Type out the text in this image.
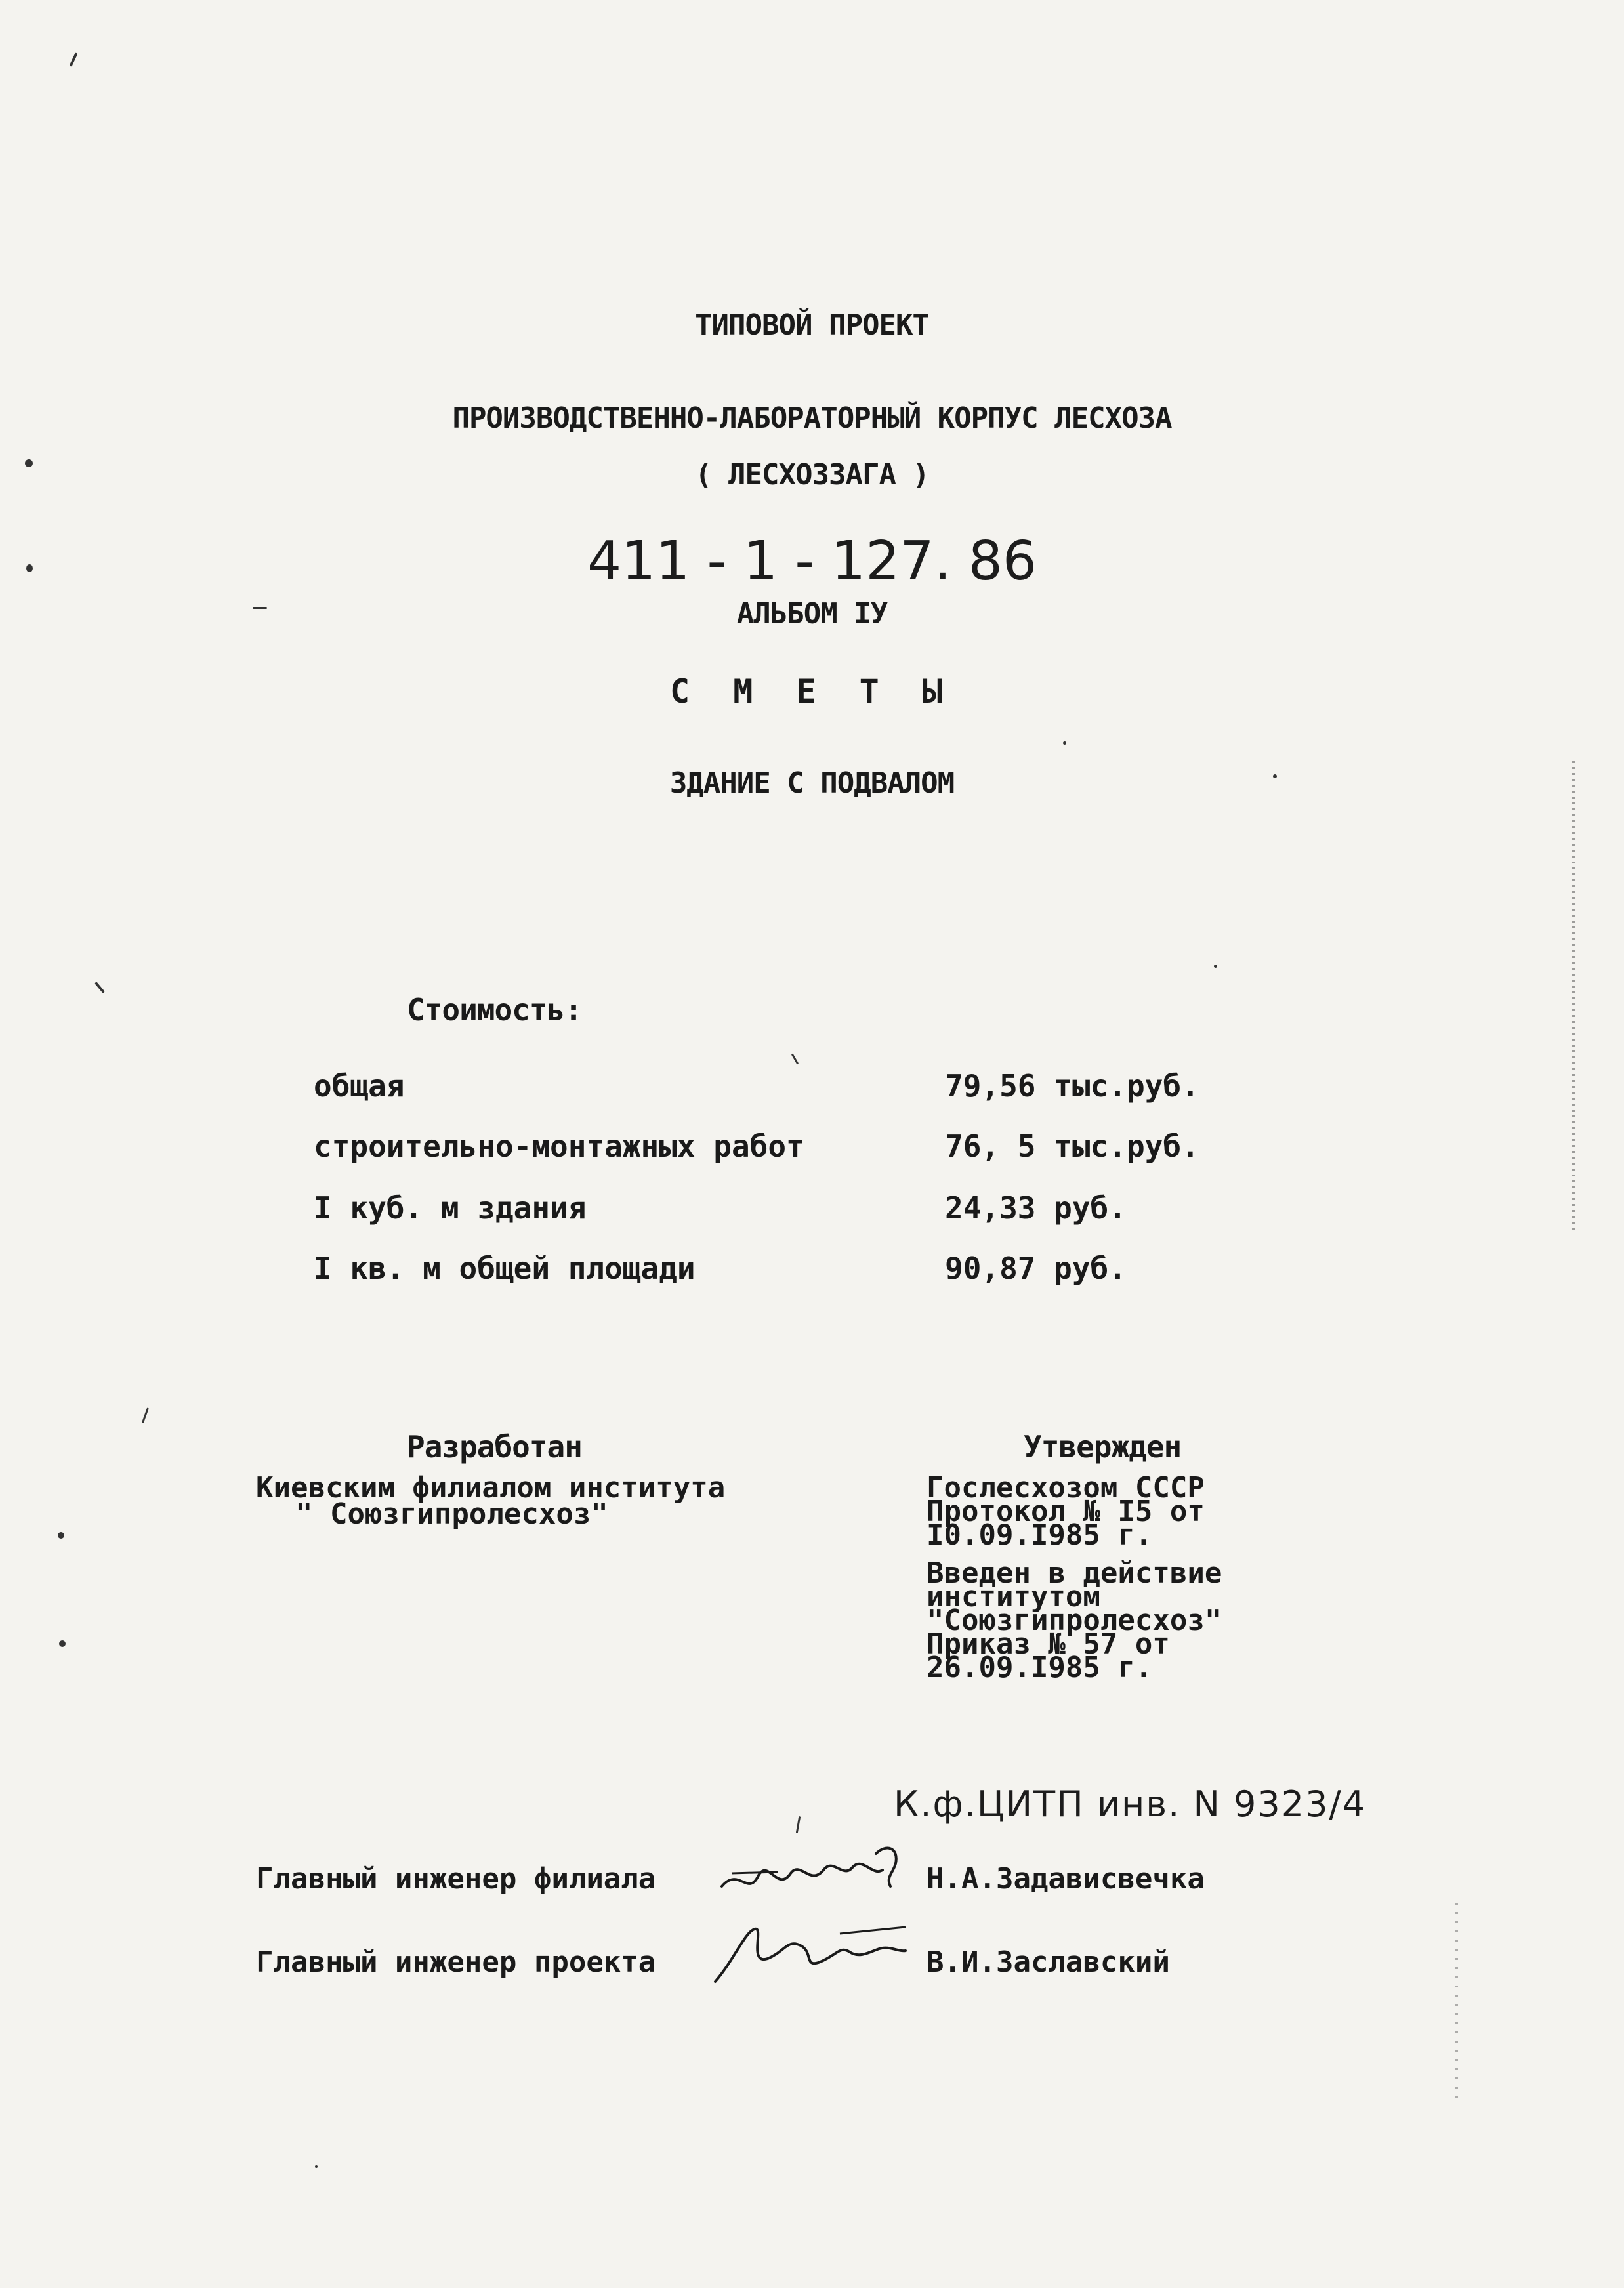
ТИПОВОЙ ПРОЕКТ
ПРОИЗВОДСТВЕННО-ЛАБОРАТОРНЫЙ КОРПУС ЛЕСХОЗА
( ЛЕСХОЗЗАГА )
411 - 1 - 127. 86
АЛЬБОМ IУ
С М Е Т Ы
ЗДАНИЕ С ПОДВАЛОМ
Стоимость:
общая	79,56 тыс.руб.
строительно-монтажных работ	76, 5 тыс.руб.
I куб. м здания	24,33 руб.
I кв. м общей площади	90,87 руб.
Разработан
Киевским филиалом института
" Союзгипролесхоз"
Утвержден
Гослесхозом СССР
Протокол № I5 от
I0.09.I985 г.
Введен в действие
институтом
"Союзгипролесхоз"
Приказ № 57 от
26.09.I985 г.
К.ф.ЦИТП инв. N 9323/4
Главный инженер филиала	Н.А.Задависвечка
Главный инженер проекта	В.И.Заславский
